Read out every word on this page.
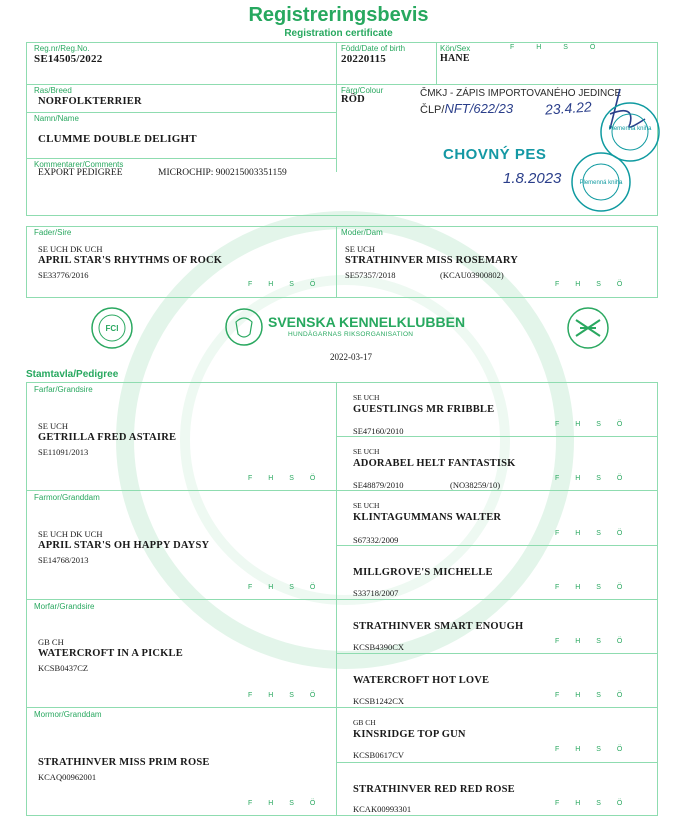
Registreringsbevis
Registration certificate
F H S Ö
Reg.nr/Reg.No.
SE14505/2022
Född/Date of birth
20220115
Kön/Sex
HANE
Ras/Breed
NORFOLKTERRIER
Färg/Colour
RÖD
Namn/Name
CLUMME DOUBLE DELIGHT
Kommentarer/Comments
EXPORT PEDIGREE	MICROCHIP: 900215003351159
ČMKJ - ZÁPIS IMPORTOVANÉHO JEDINCE
ČLP/NFT/622/23 23.4.22
Plemenná kniha
CHOVNÝ PES
1.8.2023	Plemenná kniha
Fader/Sire
SE UCH DK UCH
APRIL STAR'S RHYTHMS OF ROCK
SE33776/2016
F H S Ö
Moder/Dam
SE UCH
STRATHINVER MISS ROSEMARY
SE57357/2018	(KCAU03900802)
F H S Ö
FCI	SVENSKA KENNELKLUBBEN
HUNDÄGARNAS RIKSORGANISATION
2022-03-17
Stamtavla/Pedigree
Farfar/Grandsire
SE UCH
GETRILLA FRED ASTAIRE
SE11091/2013
F H S Ö
Farmor/Granddam
SE UCH DK UCH
APRIL STAR'S OH HAPPY DAYSY
SE14768/2013
F H S Ö
Morfar/Grandsire
GB CH
WATERCROFT IN A PICKLE
KCSB0437CZ
F H S Ö
Mormor/Granddam
STRATHINVER MISS PRIM ROSE
KCAQ00962001
F H S Ö
SE UCH
GUESTLINGS MR FRIBBLE
SE47160/2010
F H S Ö
SE UCH
ADORABEL HELT FANTASTISK
SE48879/2010	(NO38259/10)
F H S Ö
SE UCH
KLINTAGUMMANS WALTER
S67332/2009
F H S Ö
MILLGROVE'S MICHELLE
S33718/2007
F H S Ö
STRATHINVER SMART ENOUGH
KCSB4390CX
F H S Ö
WATERCROFT HOT LOVE
KCSB1242CX
F H S Ö
GB CH
KINSRIDGE TOP GUN
KCSB0617CV
F H S Ö
STRATHINVER RED RED ROSE
KCAK00993301
F H S Ö
